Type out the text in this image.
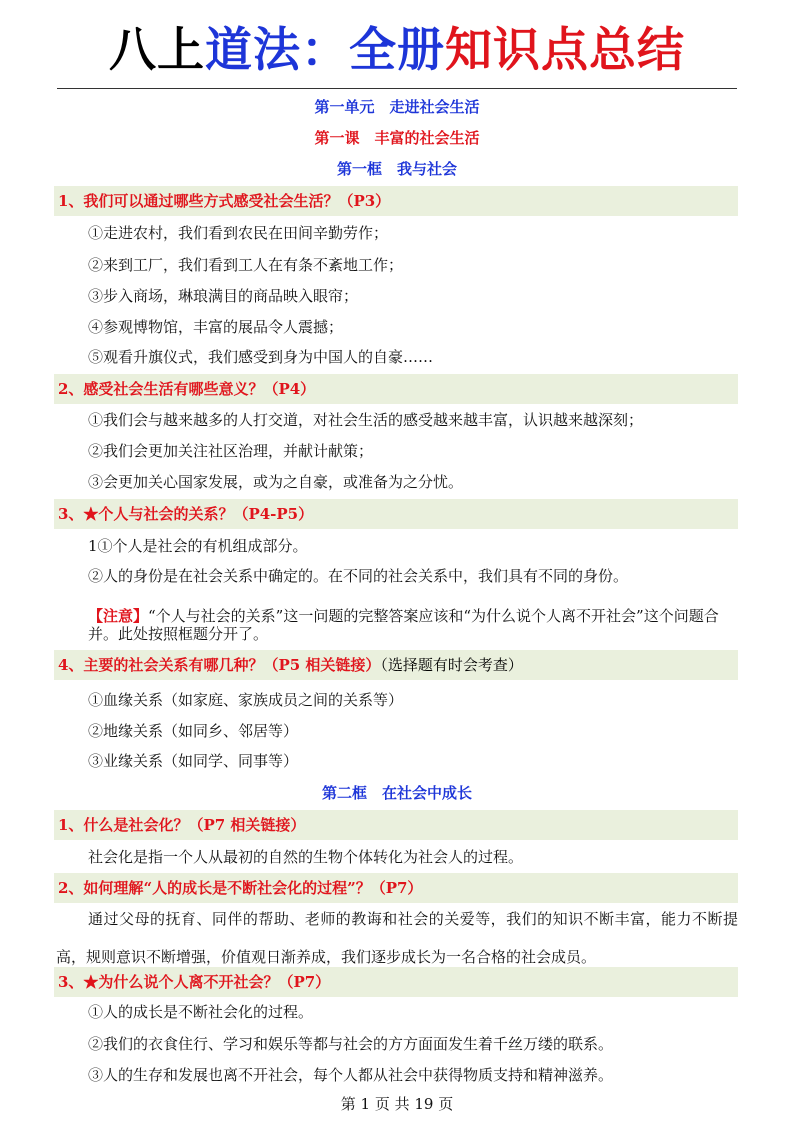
八上道法：全册知识点总结
第一单元　走进社会生活
第一课　丰富的社会生活
第一框　我与社会
1、我们可以通过哪些方式感受社会生活？（P3）
①走进农村，我们看到农民在田间辛勤劳作；
②来到工厂，我们看到工人在有条不紊地工作；
③步入商场，琳琅满目的商品映入眼帘；
④参观博物馆，丰富的展品令人震撼；
⑤观看升旗仪式，我们感受到身为中国人的自豪……
2、感受社会生活有哪些意义？（P4）
①我们会与越来越多的人打交道，对社会生活的感受越来越丰富，认识越来越深刻；
②我们会更加关注社区治理，并献计献策；
③会更加关心国家发展，或为之自豪，或准备为之分忧。
3、★个人与社会的关系？（P4-P5）
1①个人是社会的有机组成部分。
②人的身份是在社会关系中确定的。在不同的社会关系中，我们具有不同的身份。
【注意】“个人与社会的关系”这一问题的完整答案应该和“为什么说个人离不开社会”这个问题合并。此处按照框题分开了。
4、主要的社会关系有哪几种？（P5 相关链接）（选择题有时会考查）
①血缘关系（如家庭、家族成员之间的关系等）
②地缘关系（如同乡、邻居等）
③业缘关系（如同学、同事等）
第二框　在社会中成长
1、什么是社会化？（P7 相关链接）
社会化是指一个人从最初的自然的生物个体转化为社会人的过程。
2、如何理解“人的成长是不断社会化的过程”？（P7）
通过父母的抚育、同伴的帮助、老师的教诲和社会的关爱等，我们的知识不断丰富，能力不断提高，规则意识不断增强，价值观日渐养成，我们逐步成长为一名合格的社会成员。
3、★为什么说个人离不开社会？（P7）
①人的成长是不断社会化的过程。
②我们的衣食住行、学习和娱乐等都与社会的方方面面发生着千丝万缕的联系。
③人的生存和发展也离不开社会，每个人都从社会中获得物质支持和精神滋养。
第 1 页 共 19 页
